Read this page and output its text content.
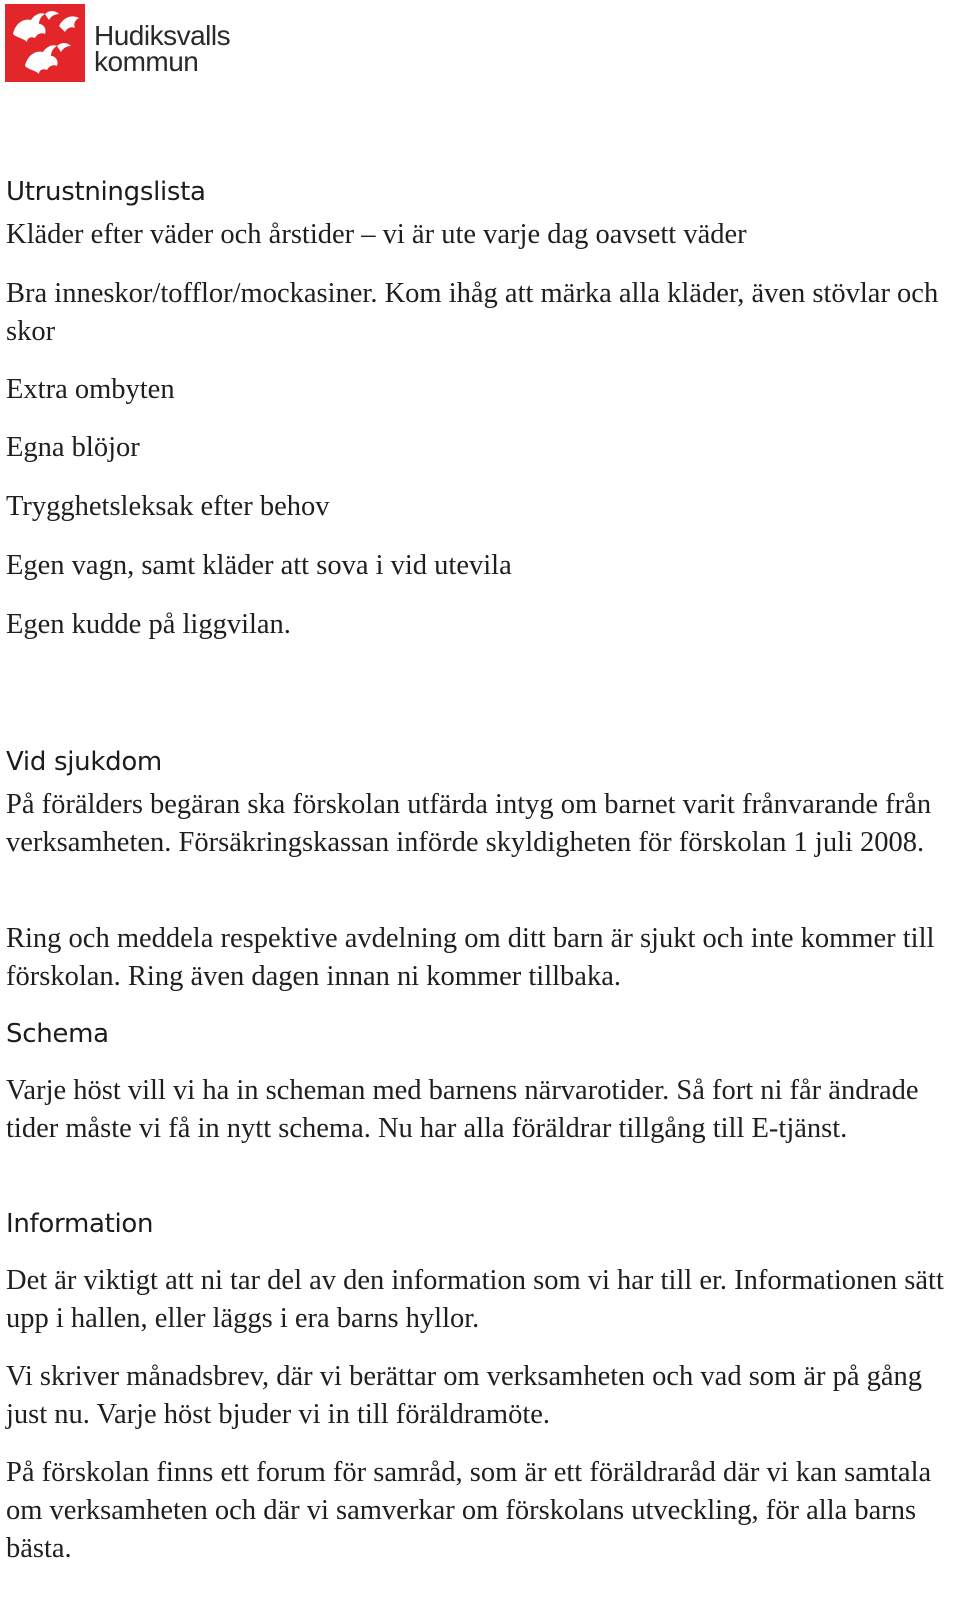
Hudiksvalls
kommun
Utrustningslista

Kläder efter väder och årstider – vi är ute varje dag oavsett väder

Bra inneskor/tofflor/mockasiner. Kom ihåg att märka alla kläder, även stövlar och skor

Extra ombyten

Egna blöjor

Trygghetsleksak efter behov

Egen vagn, samt kläder att sova i vid utevila

Egen kudde på liggvilan.

Vid sjukdom

På förälders begäran ska förskolan utfärda intyg om barnet varit frånvarande från verksamheten. Försäkringskassan införde skyldigheten för förskolan 1 juli 2008.

Ring och meddela respektive avdelning om ditt barn är sjukt och inte kommer till förskolan. Ring även dagen innan ni kommer tillbaka.

Schema

Varje höst vill vi ha in scheman med barnens närvarotider. Så fort ni får ändrade tider måste vi få in nytt schema. Nu har alla föräldrar tillgång till E-tjänst.

Information

Det är viktigt att ni tar del av den information som vi har till er. Informationen sätt upp i hallen, eller läggs i era barns hyllor.

Vi skriver månadsbrev, där vi berättar om verksamheten och vad som är på gång just nu. Varje höst bjuder vi in till föräldramöte.

På förskolan finns ett forum för samråd, som är ett föräldraråd där vi kan samtala om verksamheten och där vi samverkar om förskolans utveckling, för alla barns bästa.
